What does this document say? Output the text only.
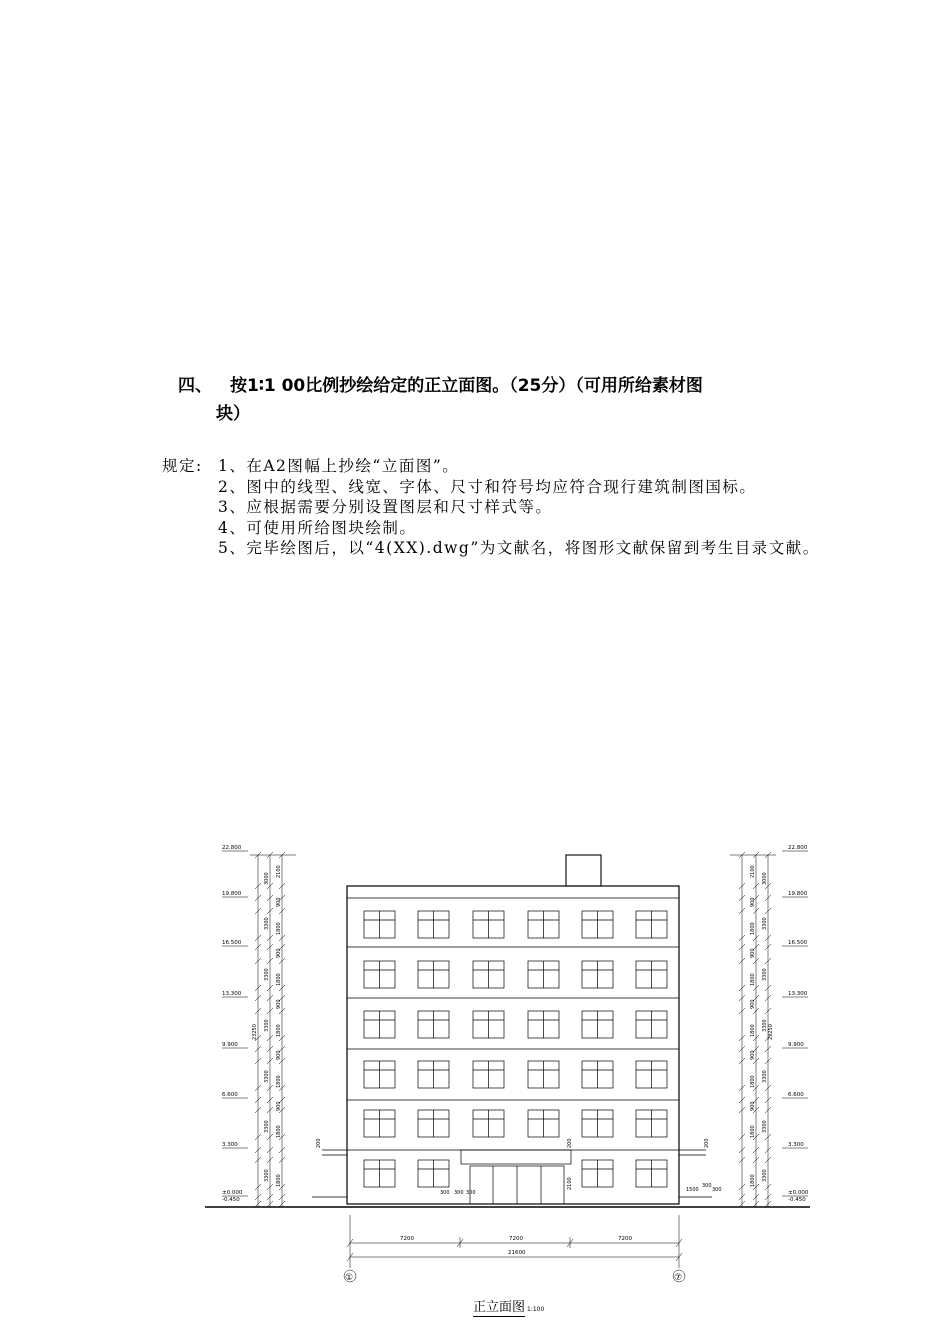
四、 按1∶1 00比例抄绘给定的正立面图。（25分）（可用所给素材图
块）
规定: 1、在A2图幅上抄绘“立面图”。
2、图中的线型、线宽、字体、尺寸和符号均应符合现行建筑制图国标。
3、应根据需要分别设置图层和尺寸样式等。
4、可使用所给图块绘制。
5、完毕绘图后，以“4(XX).dwg”为文献名，将图形文献保留到考生目录文献。
22.800
19.800
16.500
13.300
9.900
6.600
3.300
±0.000
-0.450
22.800
19.800
16.500
13.300
9.900
6.600
3.300
±0.000
-0.450
23250	23250
3000	3000
2100	2100
3300
3300
3300
3300
3300
3300
3300
3300
3300
3300
3300
3300
1800
1800
1800
1800
1800
1800
1800
1800
1800
1800
1800
1800
900
900
900
900
900
900
900
900
900
900
200	200
200
2100
300 300 300	1500
300
300
7200	7200	7200
21600
①	⑦
正立面图 1:100
